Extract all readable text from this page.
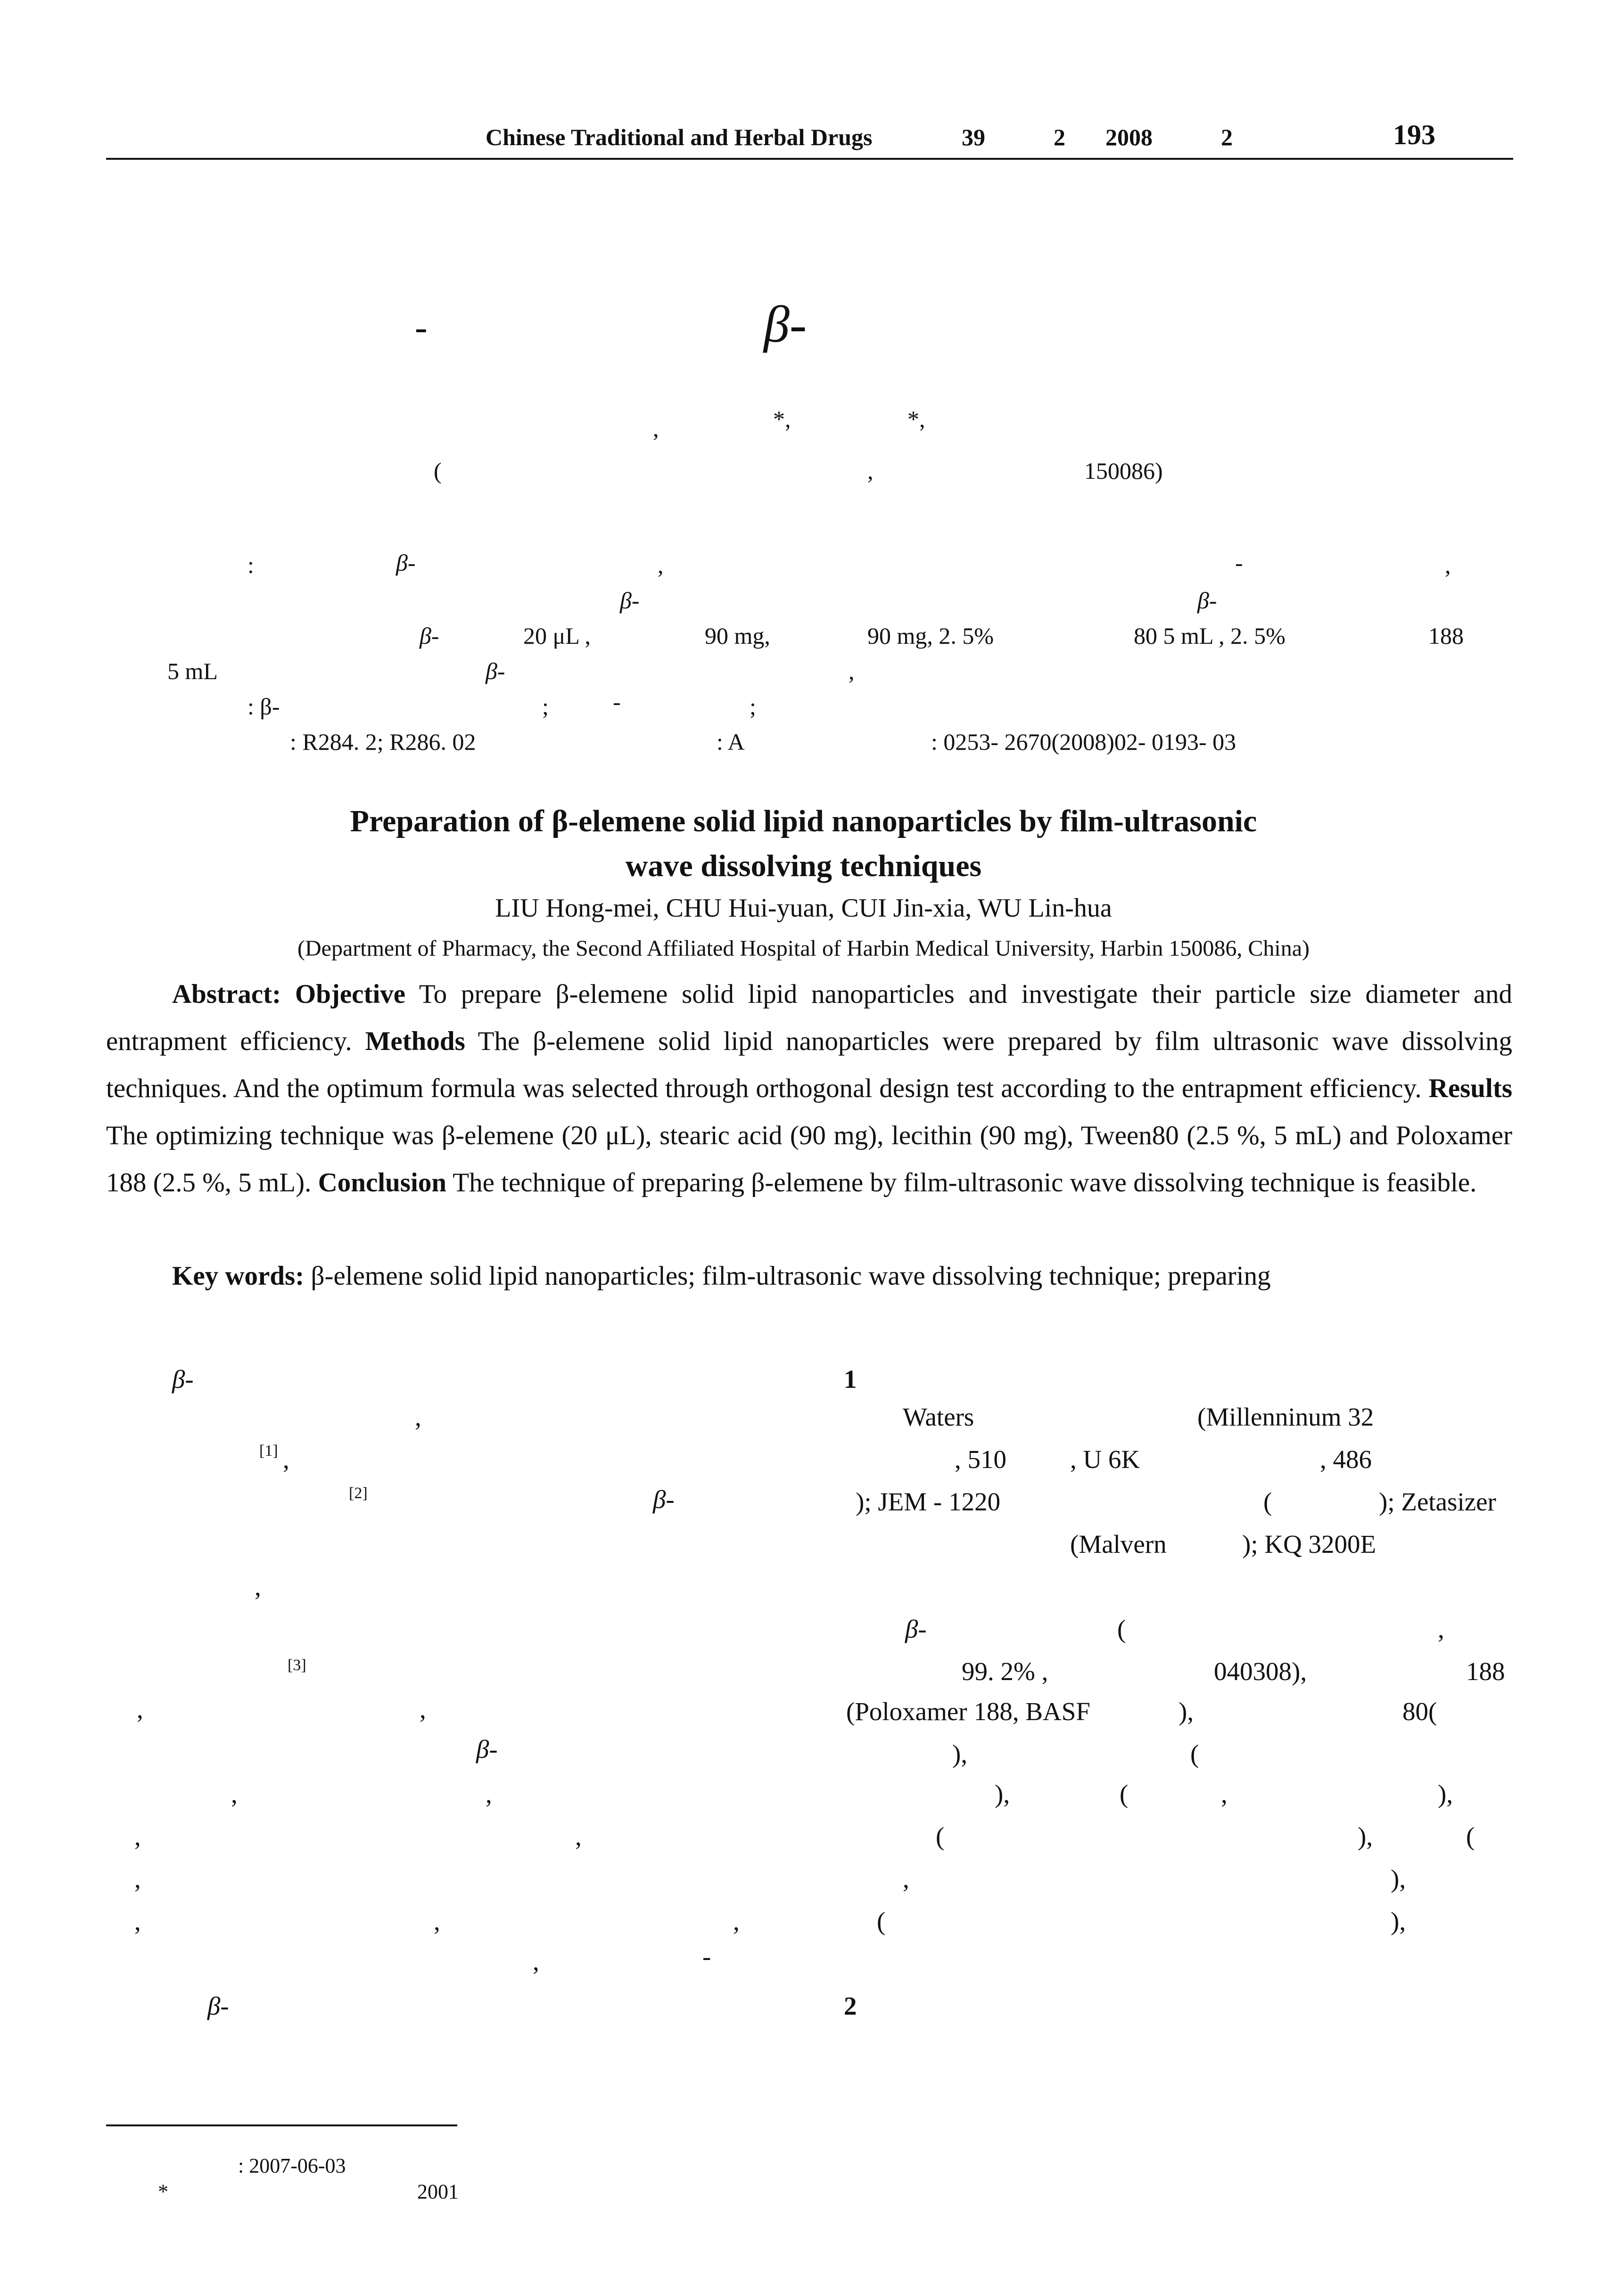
Chinese Traditional and Herbal Drugs	39	2 2008	2	193
-	β-
,	*,	*,
(	,	150086)
:	β-	,	-	,
β-	β-
β-	20 μL ,	90 mg,	90 mg, 2. 5%	80 5 mL , 2. 5%	188
5 mL	β-	,
: β-	;	-	;
: R284. 2; R286. 02	: A	: 0253- 2670(2008)02- 0193- 03
Preparation of β-elemene solid lipid nanoparticles by film-ultrasonic
wave dissolving techniques
LIU Hong-mei, CHU Hui-yuan, CUI Jin-xia, WU Lin-hua
(Department of Pharmacy, the Second Affiliated Hospital of Harbin Medical University, Harbin 150086, China)
Abstract: Objective To prepare β-elemene solid lipid nanoparticles and investigate their particle size diameter and entrapment efficiency. Methods The β-elemene solid lipid nanoparticles were prepared by film ultrasonic wave dissolving techniques. And the optimum formula was selected through orthogonal design test according to the entrapment efficiency. Results The optimizing technique was β-elemene (20 μL), stearic acid (90 mg), lecithin (90 mg), Tween80 (2.5 %, 5 mL) and Poloxamer 188 (2.5 %, 5 mL). Conclusion The technique of preparing β-elemene by film-ultrasonic wave dissolving technique is feasible.
Key words: β-elemene solid lipid nanoparticles; film-ultrasonic wave dissolving technique; preparing
β-
,
[1] ,
[2]	β-
,
[3]
,	,
β-
,	,
,	,
,
,	,	,
,	-
β-
1
Waters	(Millenninum 32
, 510 , U 6K	, 486
); JEM - 1220	(	); Zetasizer
(Malvern	); KQ 3200E
β-	(	,
99. 2% ,	040308),	188
(Poloxamer 188, BASF	),	80(
),	(
),	(	,	),
(	),	(
,	),
(	),
2
: 2007-06-03
*	2001
